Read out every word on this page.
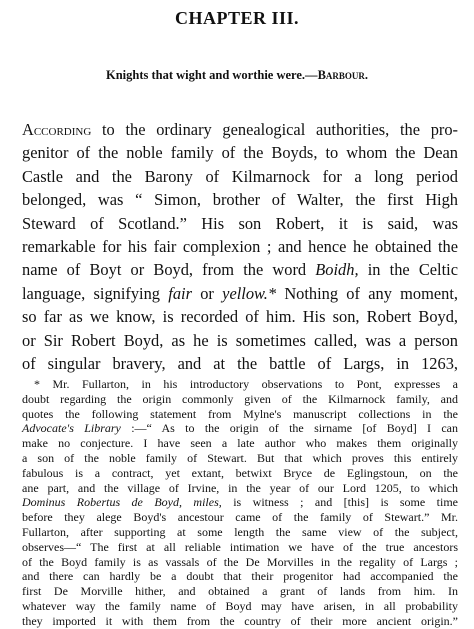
CHAPTER III.
Knights that wight and worthie were.—Barbour.
According to the ordinary genealogical authorities, the pro-
genitor of the noble family of the Boyds, to whom the Dean
Castle and the Barony of Kilmarnock for a long period
belonged, was “ Simon, brother of Walter, the first High
Steward of Scotland.” His son Robert, it is said, was
remarkable for his fair complexion ; and hence he obtained the
name of Boyt or Boyd, from the word Boidh, in the Celtic
language, signifying fair or yellow.* Nothing of any moment,
so far as we know, is recorded of him. His son, Robert Boyd,
or Sir Robert Boyd, as he is sometimes called, was a person
of singular bravery, and at the battle of Largs, in 1263,
* Mr. Fullarton, in his introductory observations to Pont, expresses a
doubt regarding the origin commonly given of the Kilmarnock family, and
quotes the following statement from Mylne's manuscript collections in the
Advocate's Library :—“ As to the origin of the sirname [of Boyd] I can
make no conjecture. I have seen a late author who makes them originally
a son of the noble family of Stewart. But that which proves this entirely
fabulous is a contract, yet extant, betwixt Bryce de Eglingstoun, on the
ane part, and the village of Irvine, in the year of our Lord 1205, to which
Dominus Robertus de Boyd, miles, is witness ; and [this] is some time
before they alege Boyd's ancestour came of the family of Stewart.” Mr.
Fullarton, after supporting at some length the same view of the subject,
observes—“ The first at all reliable intimation we have of the true ancestors
of the Boyd family is as vassals of the De Morvilles in the regality of Largs ;
and there can hardly be a doubt that their progenitor had accompanied the
first De Morville hither, and obtained a grant of lands from him. In
whatever way the family name of Boyd may have arisen, in all probability
they imported it with them from the country of their more ancient origin.”
